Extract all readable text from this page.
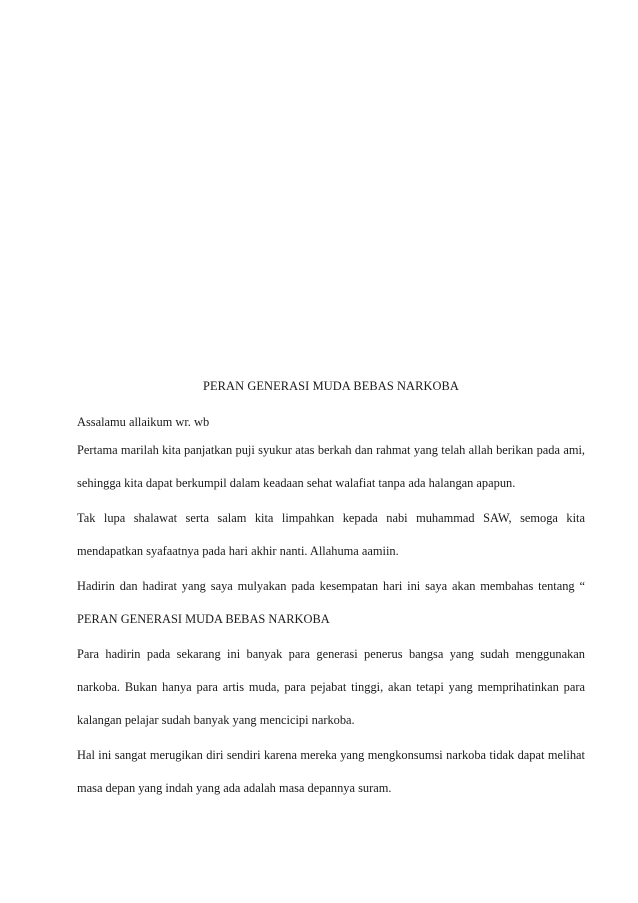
PERAN GENERASI MUDA BEBAS NARKOBA

Assalamu allaikum wr. wb

Pertama marilah kita panjatkan puji syukur atas berkah dan rahmat yang telah allah berikan pada ami, sehingga kita dapat berkumpil dalam keadaan sehat walafiat tanpa ada halangan apapun.

Tak lupa shalawat serta salam kita limpahkan kepada nabi muhammad SAW, semoga kita mendapatkan syafaatnya pada hari akhir nanti. Allahuma aamiin.

Hadirin dan hadirat yang saya mulyakan pada kesempatan hari ini saya akan membahas tentang “ PERAN GENERASI MUDA BEBAS NARKOBA

Para hadirin pada sekarang ini banyak para generasi penerus bangsa yang sudah menggunakan narkoba. Bukan hanya para artis muda, para pejabat tinggi, akan tetapi yang memprihatinkan para kalangan pelajar sudah banyak yang mencicipi narkoba.

Hal ini sangat merugikan diri sendiri karena mereka yang mengkonsumsi narkoba tidak dapat melihat masa depan yang indah yang ada adalah masa depannya suram.
